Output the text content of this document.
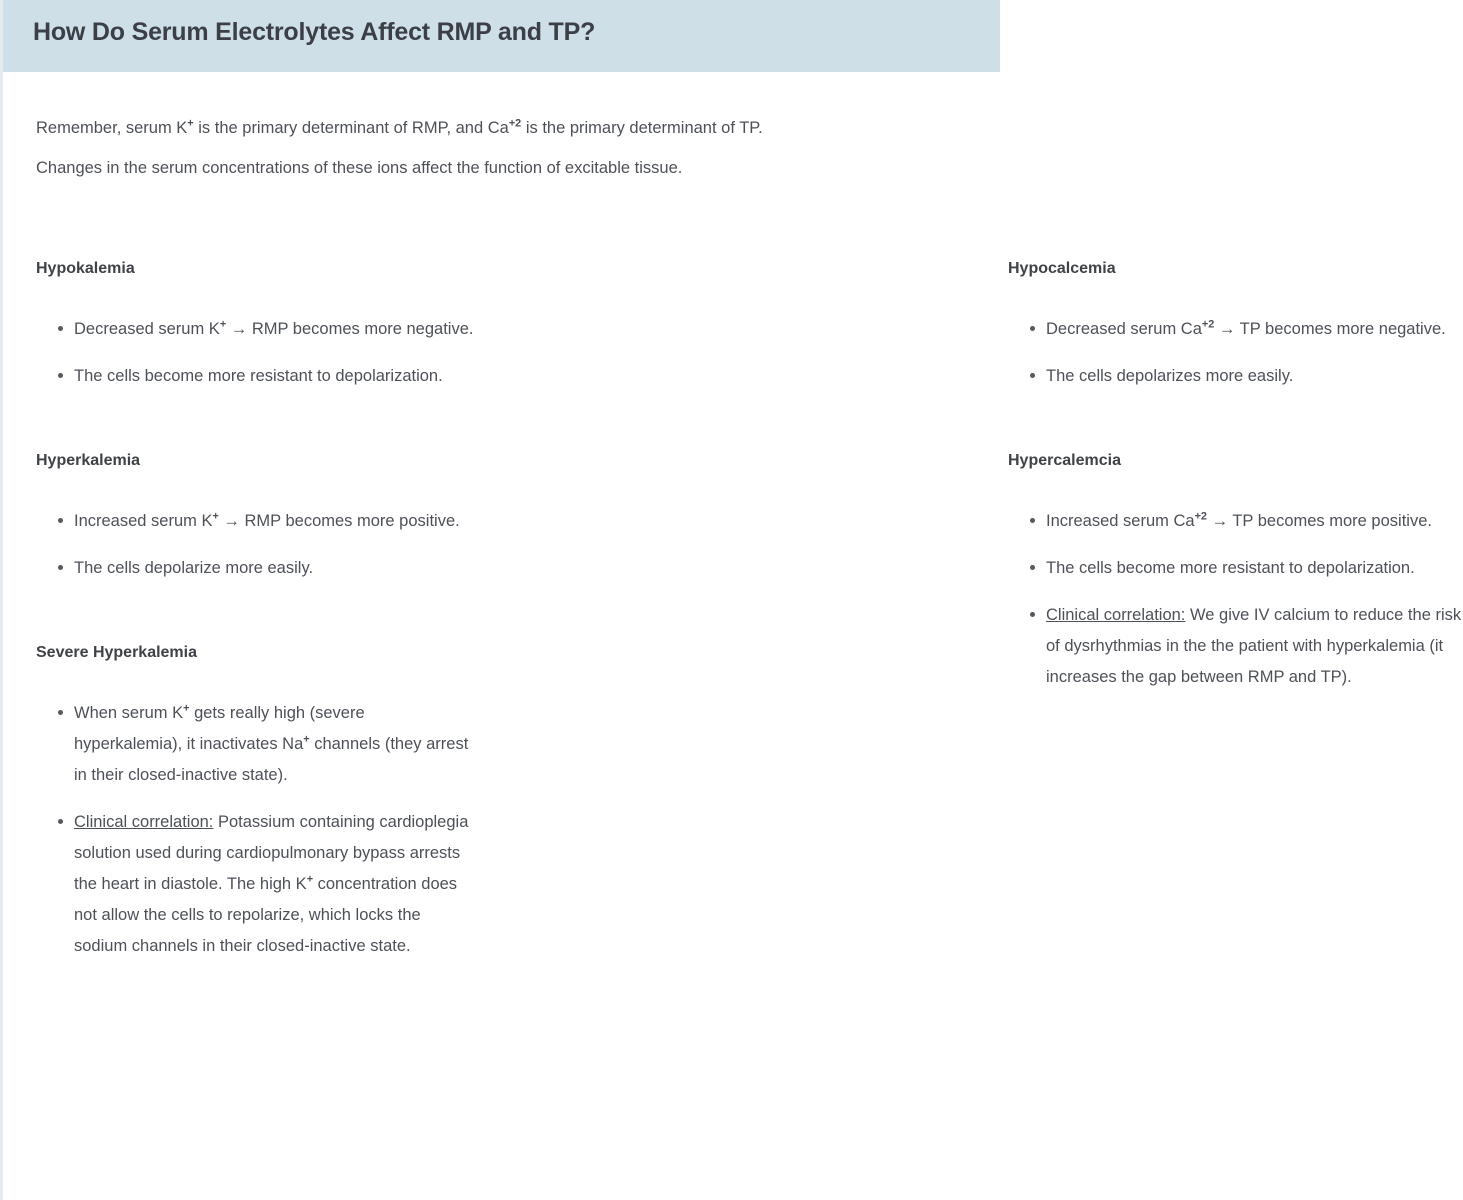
How Do Serum Electrolytes Affect RMP and TP?
Remember, serum K+ is the primary determinant of RMP, and $Ca^{+2}$ is the primary determinant of TP.
Changes in the serum concentrations of these ions affect the function of excitable tissue.
Hypokalemia
Decreased serum K+ → RMP becomes more negative.
The cells become more resistant to depolarization.
Hyperkalemia
Increased serum K+ → RMP becomes more positive.
The cells depolarize more easily.
Severe Hyperkalemia
When serum K+ gets really high (severe hyperkalemia), it inactivates Na+ channels (they arrest in their closed-inactive state).
Clinical correlation: Potassium containing cardioplegia solution used during cardiopulmonary bypass arrests the heart in diastole. The high K+ concentration does not allow the cells to repolarize, which locks the sodium channels in their closed-inactive state.
Hypocalcemia
Decreased serum $Ca^{+2}$ → TP becomes more negative.
The cells depolarizes more easily.
Hypercalemcia
Increased serum $Ca^{+2}$ → TP becomes more positive.
The cells become more resistant to depolarization.
Clinical correlation: We give IV calcium to reduce the risk of dysrhythmias in the the patient with hyperkalemia (it increases the gap between RMP and TP).
